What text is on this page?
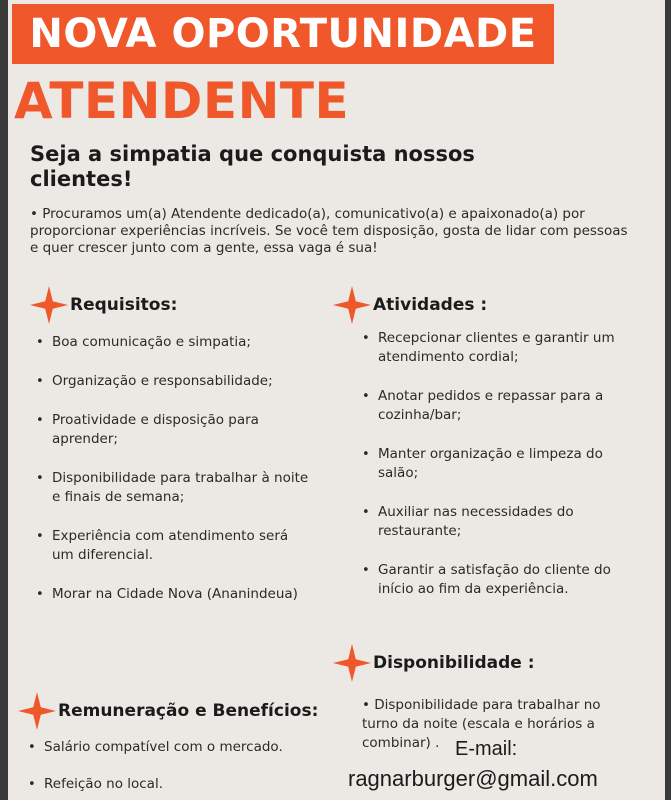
NOVA OPORTUNIDADE
ATENDENTE
Seja a simpatia que conquista nossos clientes!
• Procuramos um(a) Atendente dedicado(a), comunicativo(a) e apaixonado(a) por proporcionar experiências incríveis. Se você tem disposição, gosta de lidar com pessoas e quer crescer junto com a gente, essa vaga é sua!
Requisitos:
• Boa comunicação e simpatia;
• Organização e responsabilidade;
• Proatividade e disposição para aprender;
• Disponibilidade para trabalhar à noite e finais de semana;
• Experiência com atendimento será um diferencial.
• Morar na Cidade Nova (Ananindeua)
Atividades :
• Recepcionar clientes e garantir um atendimento cordial;
• Anotar pedidos e repassar para a cozinha/bar;
• Manter organização e limpeza do salão;
• Auxiliar nas necessidades do restaurante;
• Garantir a satisfação do cliente do início ao fim da experiência.
Disponibilidade :
• Disponibilidade para trabalhar no turno da noite (escala e horários a combinar) .
Remuneração e Benefícios:
• Salário compatível com o mercado.
• Refeição no local.
E-mail:
ragnarburger@gmail.com
